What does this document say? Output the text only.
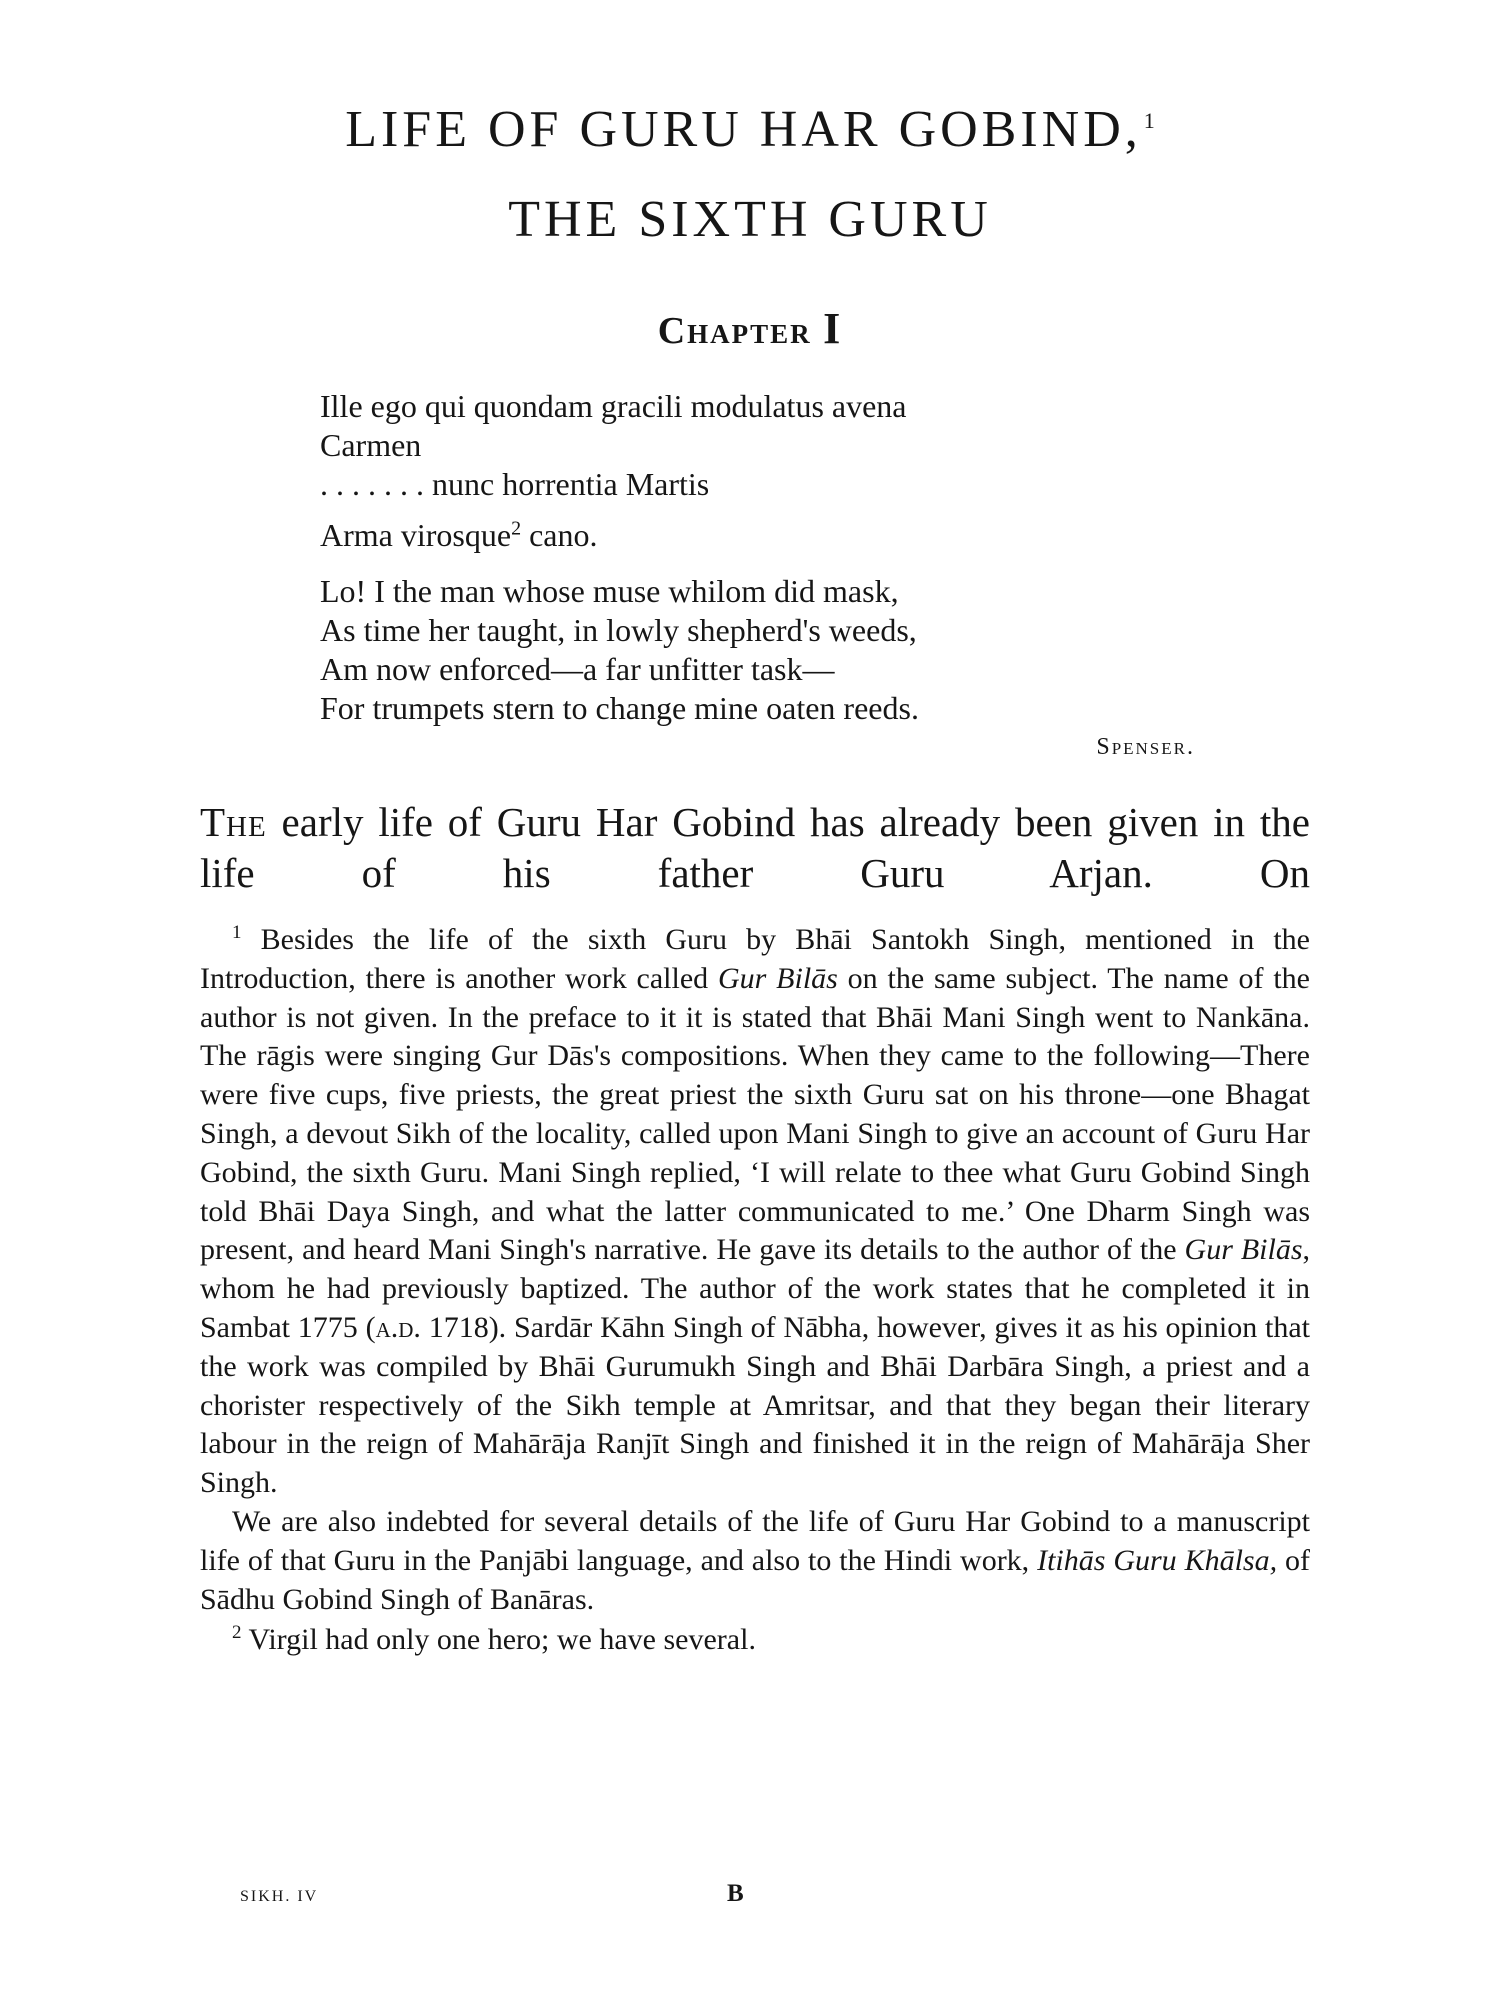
LIFE OF GURU HAR GOBIND,$^1$
THE SIXTH GURU
Chapter I
Ille ego qui quondam gracili modulatus avena
Carmen
. . . . . . . nunc horrentia Martis
Arma virosque$^2$ cano.
Lo! I the man whose muse whilom did mask,
As time her taught, in lowly shepherd's weeds,
Am now enforced—a far unfitter task—
For trumpets stern to change mine oaten reeds.

Spenser.

The early life of Guru Har Gobind has already been given in the life of his father Guru Arjan. On

$^1$ Besides the life of the sixth Guru by Bhāi Santokh Singh, mentioned in the Introduction, there is another work called Gur Bilās on the same subject. The name of the author is not given. In the preface to it it is stated that Bhāi Mani Singh went to Nankāna. The rāgis were singing Gur Dās's compositions. When they came to the following—There were five cups, five priests, the great priest the sixth Guru sat on his throne—one Bhagat Singh, a devout Sikh of the locality, called upon Mani Singh to give an account of Guru Har Gobind, the sixth Guru. Mani Singh replied, ‘I will relate to thee what Guru Gobind Singh told Bhāi Daya Singh, and what the latter communicated to me.’ One Dharm Singh was present, and heard Mani Singh's narrative. He gave its details to the author of the Gur Bilās, whom he had previously baptized. The author of the work states that he completed it in Sambat 1775 (a.d. 1718). Sardār Kāhn Singh of Nābha, however, gives it as his opinion that the work was compiled by Bhāi Gurumukh Singh and Bhāi Darbāra Singh, a priest and a chorister respectively of the Sikh temple at Amritsar, and that they began their literary labour in the reign of Mahārāja Ranjīt Singh and finished it in the reign of Mahārāja Sher Singh.

We are also indebted for several details of the life of Guru Har Gobind to a manuscript life of that Guru in the Panjābi language, and also to the Hindi work, Itihās Guru Khālsa, of Sādhu Gobind Singh of Banāras.

$^2$ Virgil had only one hero; we have several.

SIKH. IV	B
